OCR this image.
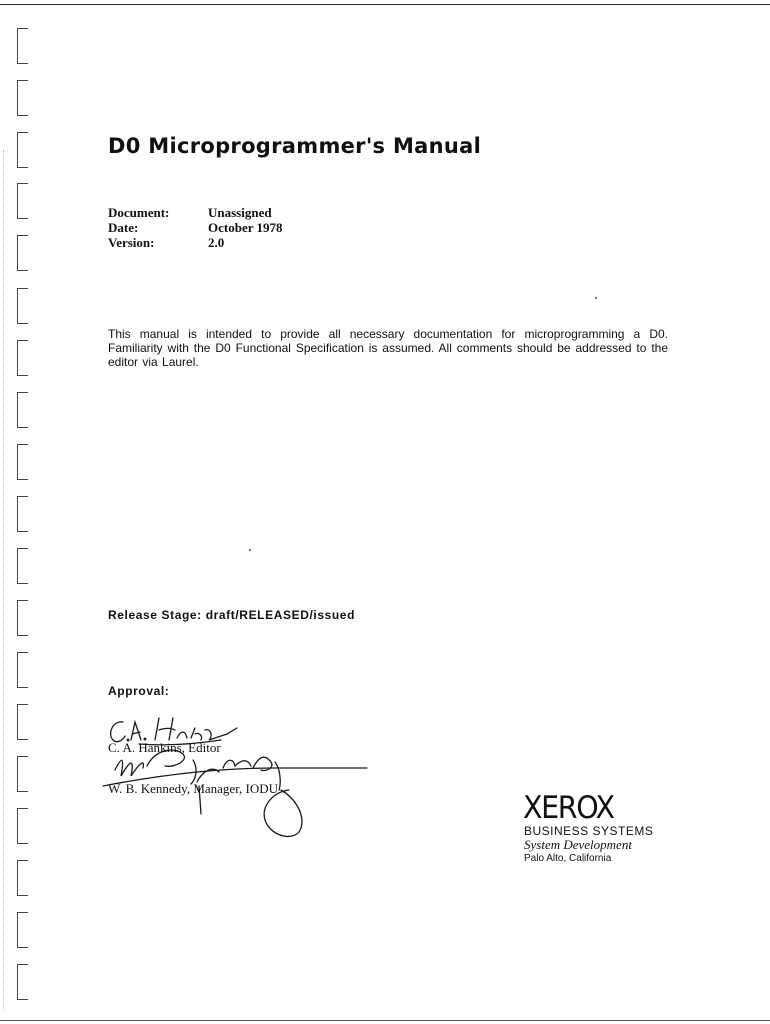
D0 Microprogrammer's Manual
Document:	Unassigned
Date:	October 1978
Version:	2.0

This manual is intended to provide all necessary documentation for microprogramming a D0. Familiarity with the D0 Functional Specification is assumed. All comments should be addressed to the editor via Laurel.

Release Stage: draft/RELEASED/issued
Approval:
C. A. Hankins, Editor
W. B. Kennedy, Manager, IODU
XEROX
BUSINESS SYSTEMS
System Development
Palo Alto, California
